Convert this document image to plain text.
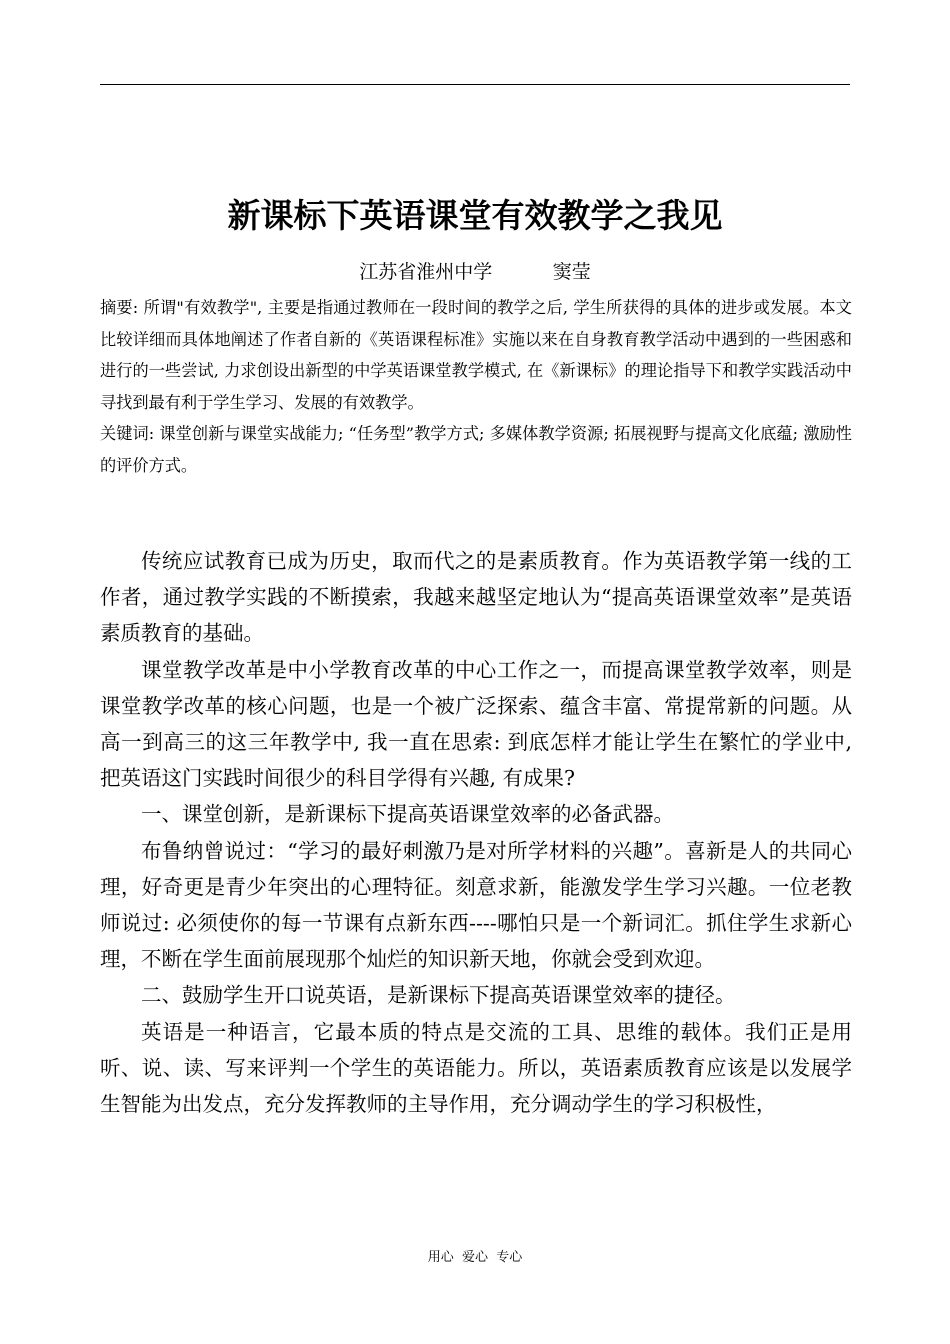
新课标下英语课堂有效教学之我见
江苏省淮州中学          窦莹

摘要: 所谓"有效教学", 主要是指通过教师在一段时间的教学之后, 学生所获得的具体的进步或发展。本文比较详细而具体地阐述了作者自新的《英语课程标准》实施以来在自身教育教学活动中遇到的一些困惑和进行的一些尝试, 力求创设出新型的中学英语课堂教学模式, 在《新课标》的理论指导下和教学实践活动中寻找到最有利于学生学习、发展的有效教学。

关键词: 课堂创新与课堂实战能力; “任务型”教学方式; 多媒体教学资源; 拓展视野与提高文化底蕴; 激励性的评价方式。

传统应试教育已成为历史，取而代之的是素质教育。作为英语教学第一线的工作者，通过教学实践的不断摸索，我越来越坚定地认为“提高英语课堂效率”是英语素质教育的基础。

课堂教学改革是中小学教育改革的中心工作之一，而提高课堂教学效率，则是课堂教学改革的核心问题，也是一个被广泛探索、蕴含丰富、常提常新的问题。从高一到高三的这三年教学中, 我一直在思索: 到底怎样才能让学生在繁忙的学业中, 把英语这门实践时间很少的科目学得有兴趣, 有成果?

一、课堂创新，是新课标下提高英语课堂效率的必备武器。

布鲁纳曾说过：“学习的最好刺激乃是对所学材料的兴趣”。喜新是人的共同心理，好奇更是青少年突出的心理特征。刻意求新，能激发学生学习兴趣。一位老教师说过: 必须使你的每一节课有点新东西----哪怕只是一个新词汇。抓住学生求新心理，不断在学生面前展现那个灿烂的知识新天地，你就会受到欢迎。

二、鼓励学生开口说英语，是新课标下提高英语课堂效率的捷径。

英语是一种语言，它最本质的特点是交流的工具、思维的载体。我们正是用听、说、读、写来评判一个学生的英语能力。所以，英语素质教育应该是以发展学生智能为出发点，充分发挥教师的主导作用，充分调动学生的学习积极性，

用心  爱心  专心
